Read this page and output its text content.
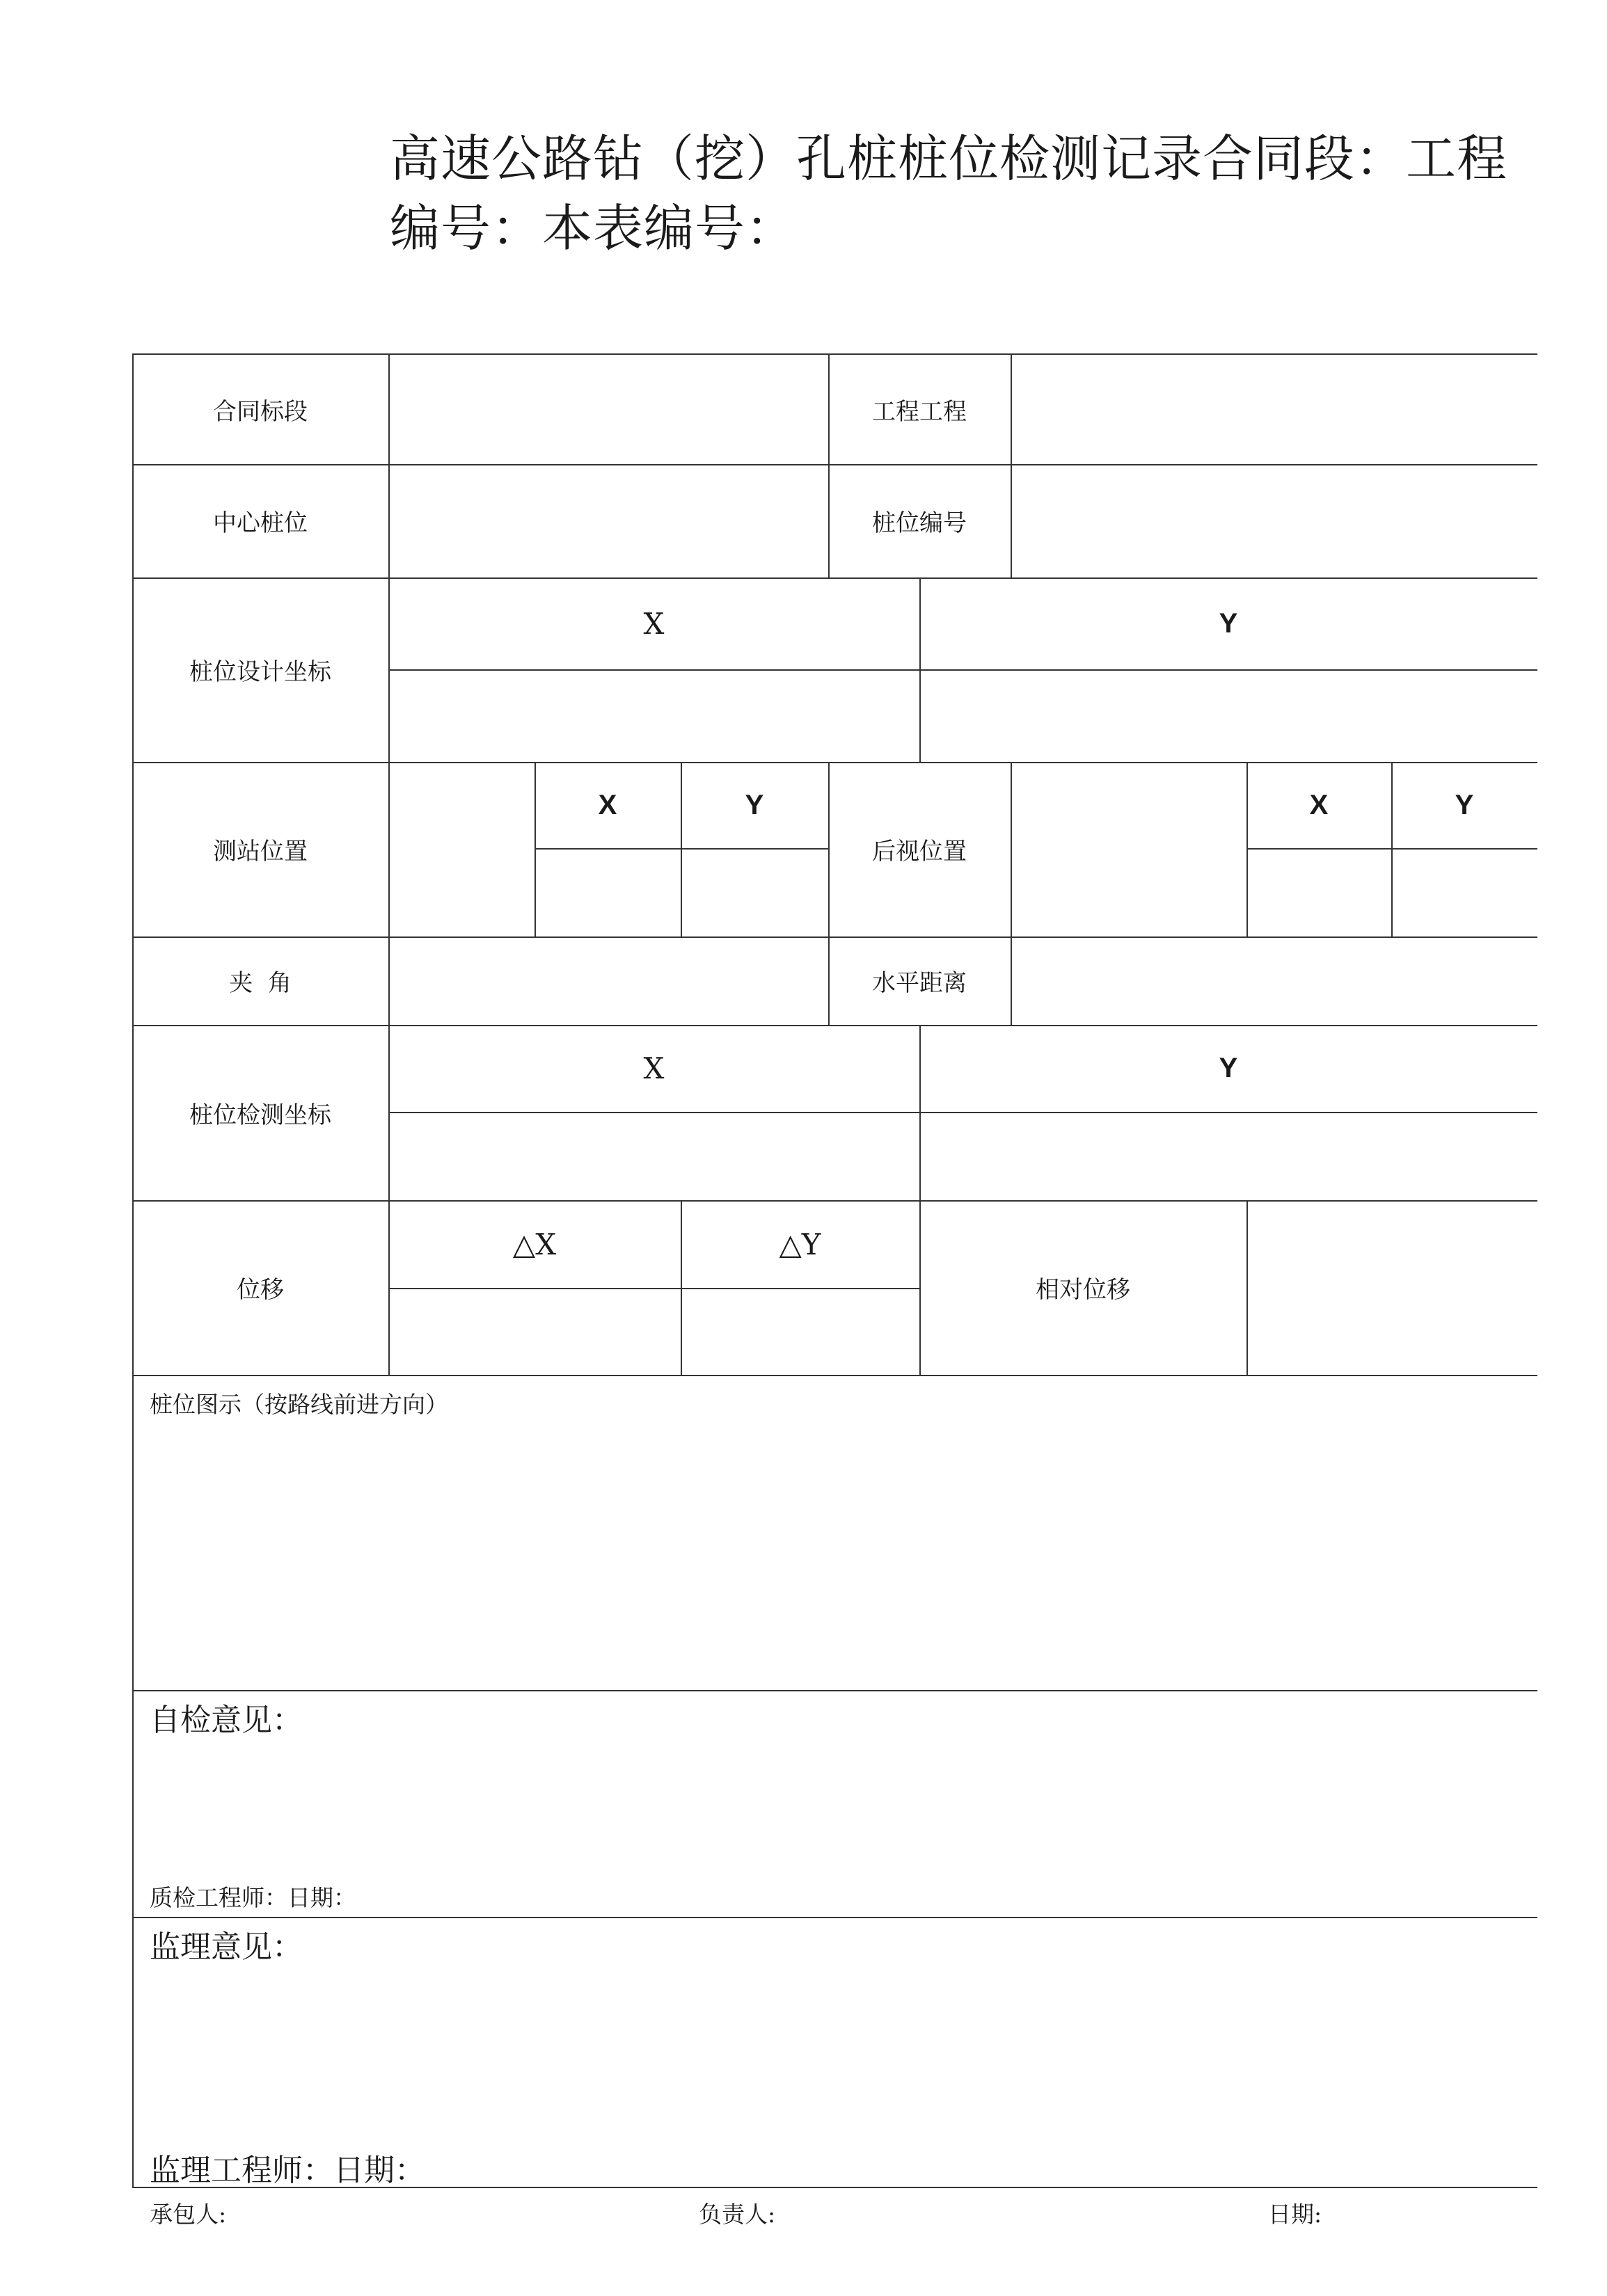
高速公路钻（挖）孔桩桩位检测记录合同段：工程
编号：本表编号：
合同标段	工程工程
中心桩位	桩位编号
桩位设计坐标
X	Y
测站位置
X	Y
后视位置
X	Y
夹  角	水平距离
桩位检测坐标
X	Y
位移
△X	△Y
相对位移
桩位图示（按路线前进方向）
自检意见：
质检工程师：日期：
监理意见：
监理工程师：日期：
承包人:	负责人:	日期:
